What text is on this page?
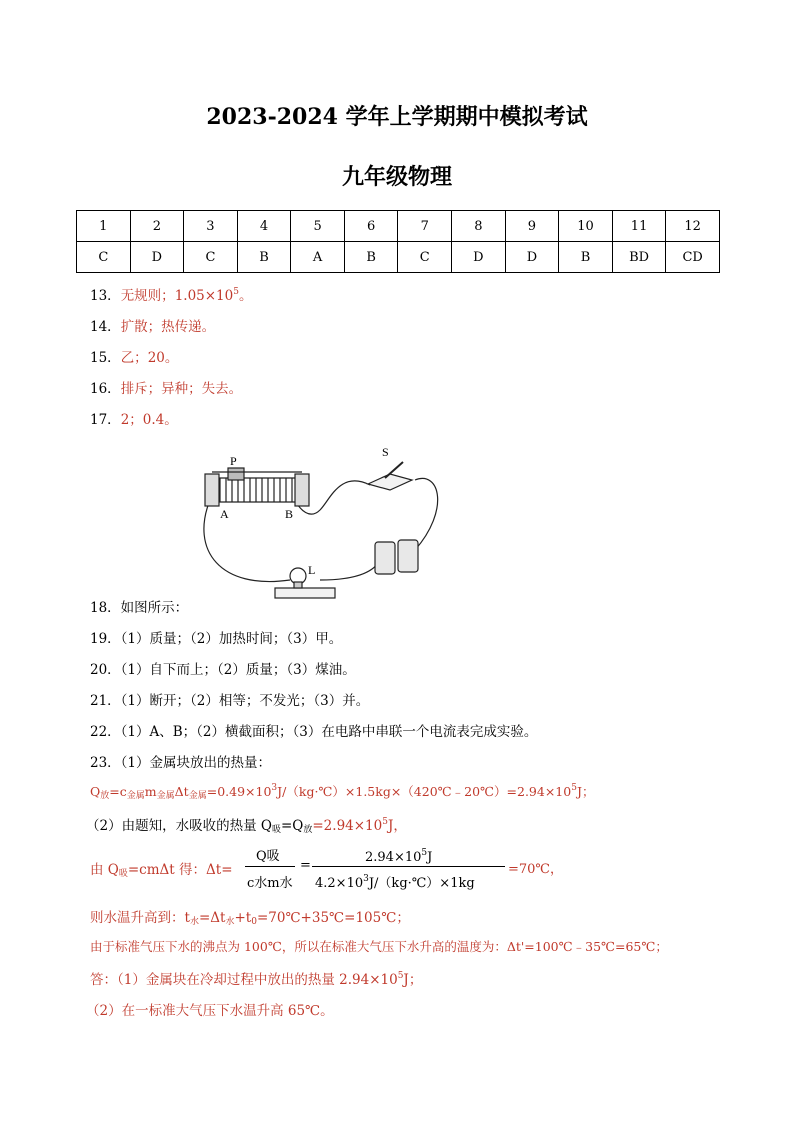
2023-2024 学年上学期期中模拟考试
九年级物理
1	2	3	4	5	6	7	8	9	10	11	12
C	D	C	B	A	B	C	D	D	B	BD	CD
13．无规则；$1.05\times 10^5$。
14．扩散；热传递。
15．乙；20。
16．排斥；异种；失去。
17．2；0.4。
P
A	B
S
L
18．如图所示：
19．（1）质量；（2）加热时间；（3）甲。
20．（1）自下而上；（2）质量；（3）煤油。
21．（1）断开；（2）相等；不发光；（3）并。
22．（1）A、B；（2）横截面积；（3）在电路中串联一个电流表完成实验。
23．（1）金属块放出的热量：
$Q_放=c_{金属}m_{金属}\Delta t_{金属}=0.49\times 10^3J/(kg\cdot℃)\times 1.5kg\times(420℃﹣20℃)=2.94\times 10^5J$；
（2）由题知，水吸收的热量 $Q_吸=Q_放=2.94\times 10^5J$，
由 $Q_吸=cm\Delta t$ 得：Δt=
Q吸
c水m水
=
$2.94\times 10^5J$
$4.2\times 10^3J/(kg\cdot℃)\times 1kg$
=70℃，
则水温升高到：$t_水=\Delta t_水+t_0=70℃+35℃=105℃$；
由于标准气压下水的沸点为 100℃，所以在标准大气压下水升高的温度为：Δt'=100℃﹣35℃=65℃；
答：（1）金属块在冷却过程中放出的热量 $2.94\times 10^5J$；
（2）在一标准大气压下水温升高 65℃。
